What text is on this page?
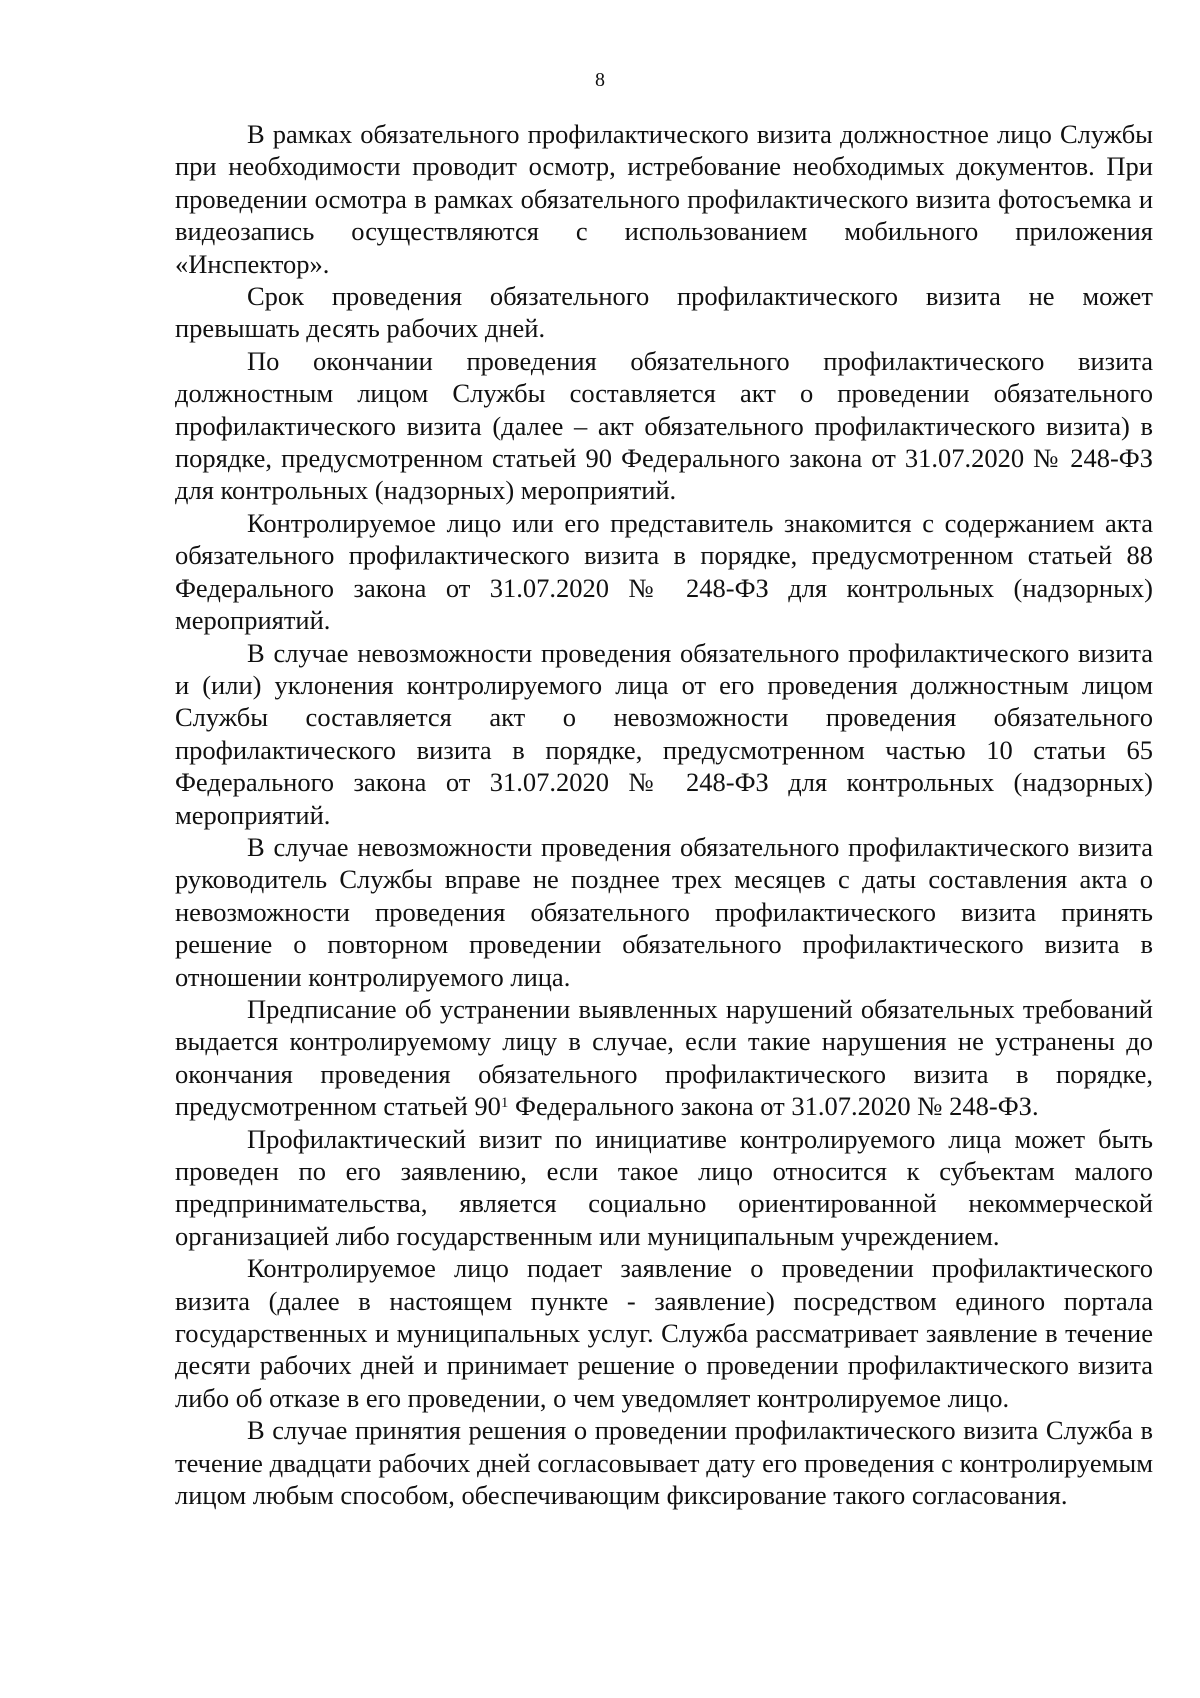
8

В рамках обязательного профилактического визита должностное лицо Службы при необходимости проводит осмотр, истребование необходимых документов. При проведении осмотра в рамках обязательного профилактического визита фотосъемка и видеозапись осуществляются с использованием мобильного приложения «Инспектор».

Срок проведения обязательного профилактического визита не может превышать десять рабочих дней.

По окончании проведения обязательного профилактического визита должностным лицом Службы составляется акт о проведении обязательного профилактического визита (далее – акт обязательного профилактического визита) в порядке, предусмотренном статьей 90 Федерального закона от 31.07.2020 № 248-ФЗ для контрольных (надзорных) мероприятий.

Контролируемое лицо или его представитель знакомится с содержанием акта обязательного профилактического визита в порядке, предусмотренном статьей 88 Федерального закона от 31.07.2020 № 248-ФЗ для контрольных (надзорных) мероприятий.

В случае невозможности проведения обязательного профилактического визита и (или) уклонения контролируемого лица от его проведения должностным лицом Службы составляется акт о невозможности проведения обязательного профилактического визита в порядке, предусмотренном частью 10 статьи 65 Федерального закона от 31.07.2020 № 248-ФЗ для контрольных (надзорных) мероприятий.

В случае невозможности проведения обязательного профилактического визита руководитель Службы вправе не позднее трех месяцев с даты составления акта о невозможности проведения обязательного профилактического визита принять решение о повторном проведении обязательного профилактического визита в отношении контролируемого лица.

Предписание об устранении выявленных нарушений обязательных требований выдается контролируемому лицу в случае, если такие нарушения не устранены до окончания проведения обязательного профилактического визита в порядке, предусмотренном статьей $90^1$ Федерального закона от 31.07.2020 № 248-ФЗ.

Профилактический визит по инициативе контролируемого лица может быть проведен по его заявлению, если такое лицо относится к субъектам малого предпринимательства, является социально ориентированной некоммерческой организацией либо государственным или муниципальным учреждением.

Контролируемое лицо подает заявление о проведении профилактического визита (далее в настоящем пункте - заявление) посредством единого портала государственных и муниципальных услуг. Служба рассматривает заявление в течение десяти рабочих дней и принимает решение о проведении профилактического визита либо об отказе в его проведении, о чем уведомляет контролируемое лицо.

В случае принятия решения о проведении профилактического визита Служба в течение двадцати рабочих дней согласовывает дату его проведения с контролируемым лицом любым способом, обеспечивающим фиксирование такого согласования.
